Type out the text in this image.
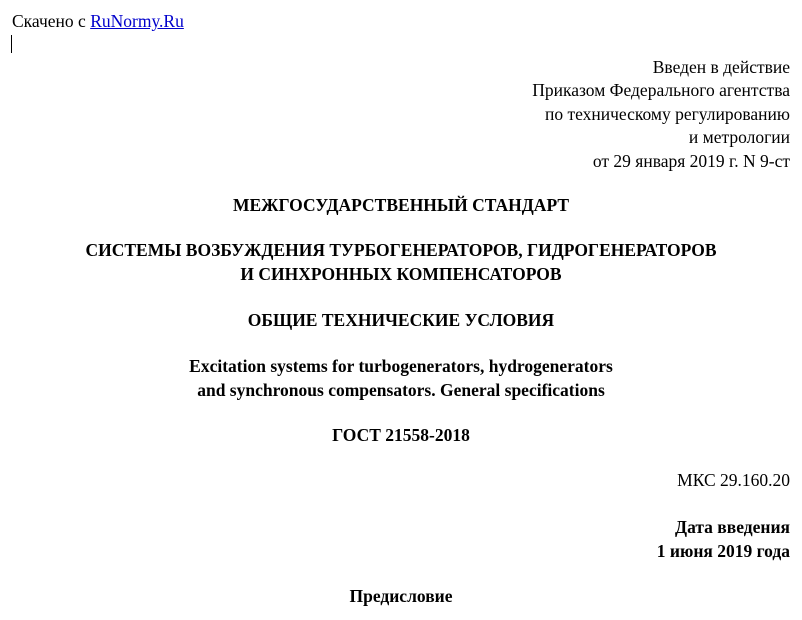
Скачено с RuNormy.Ru
Введен в действие
Приказом Федерального агентства
по техническому регулированию
и метрологии
от 29 января 2019 г. N 9-ст
МЕЖГОСУДАРСТВЕННЫЙ СТАНДАРТ
СИСТЕМЫ ВОЗБУЖДЕНИЯ ТУРБОГЕНЕРАТОРОВ, ГИДРОГЕНЕРАТОРОВ
И СИНХРОННЫХ КОМПЕНСАТОРОВ
ОБЩИЕ ТЕХНИЧЕСКИЕ УСЛОВИЯ
Excitation systems for turbogenerators, hydrogenerators
and synchronous compensators. General specifications
ГОСТ 21558-2018
МКС 29.160.20
Дата введения
1 июня 2019 года
Предисловие
